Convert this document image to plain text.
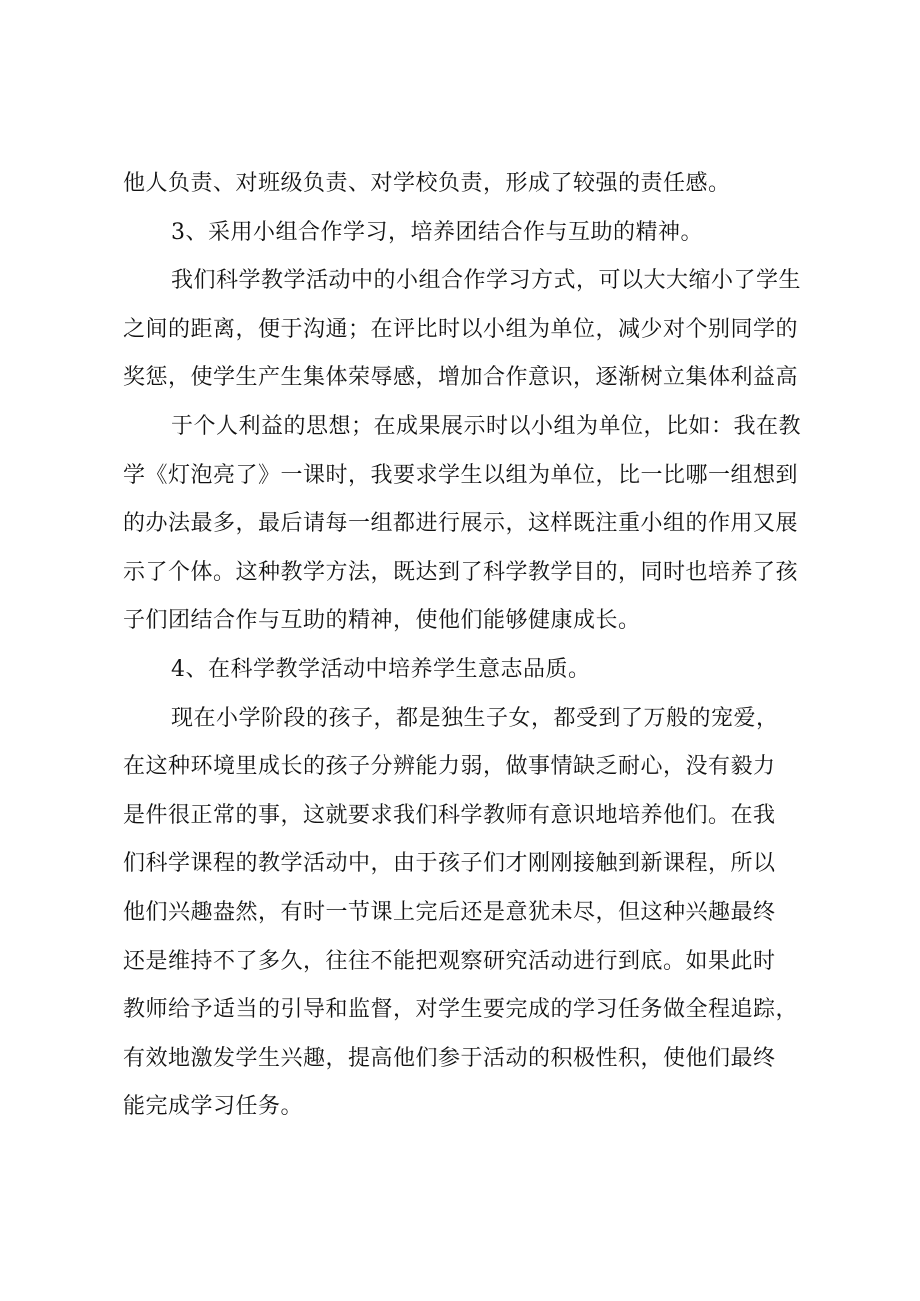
他人负责、对班级负责、对学校负责，形成了较强的责任感。
3、采用小组合作学习，培养团结合作与互助的精神。
我们科学教学活动中的小组合作学习方式，可以大大缩小了学生
之间的距离，便于沟通；在评比时以小组为单位，减少对个别同学的
奖惩，使学生产生集体荣辱感，增加合作意识，逐渐树立集体利益高
于个人利益的思想；在成果展示时以小组为单位，比如：我在教
学《灯泡亮了》一课时，我要求学生以组为单位，比一比哪一组想到
的办法最多，最后请每一组都进行展示，这样既注重小组的作用又展
示了个体。这种教学方法，既达到了科学教学目的，同时也培养了孩
子们团结合作与互助的精神，使他们能够健康成长。
4、在科学教学活动中培养学生意志品质。
现在小学阶段的孩子，都是独生子女，都受到了万般的宠爱，
在这种环境里成长的孩子分辨能力弱，做事情缺乏耐心，没有毅力
是件很正常的事，这就要求我们科学教师有意识地培养他们。在我
们科学课程的教学活动中，由于孩子们才刚刚接触到新课程，所以
他们兴趣盎然，有时一节课上完后还是意犹未尽，但这种兴趣最终
还是维持不了多久，往往不能把观察研究活动进行到底。如果此时
教师给予适当的引导和监督，对学生要完成的学习任务做全程追踪，
有效地激发学生兴趣，提高他们参于活动的积极性积，使他们最终
能完成学习任务。
